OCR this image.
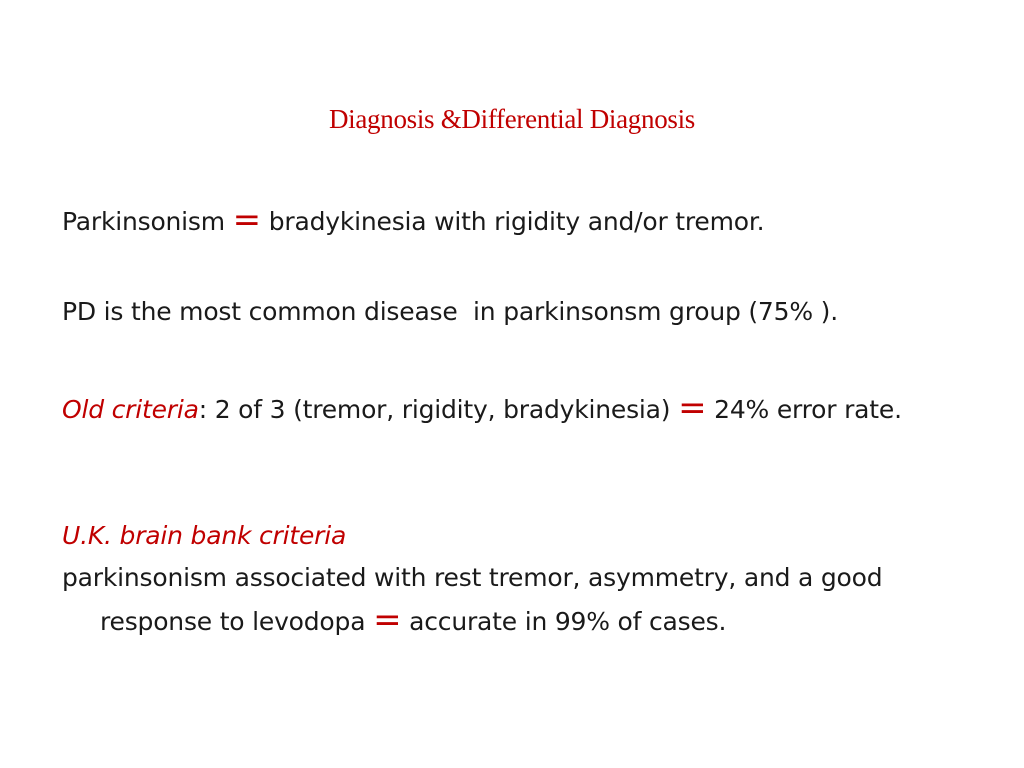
Diagnosis &Differential Diagnosis
Parkinsonism = bradykinesia with rigidity and/or tremor.
PD is the most common disease  in parkinsonsm group (75% ).
Old criteria: 2 of 3 (tremor, rigidity, bradykinesia) = 24% error rate.
U.K. brain bank criteria
parkinsonism associated with rest tremor, asymmetry, and a good response to levodopa = accurate in 99% of cases.
